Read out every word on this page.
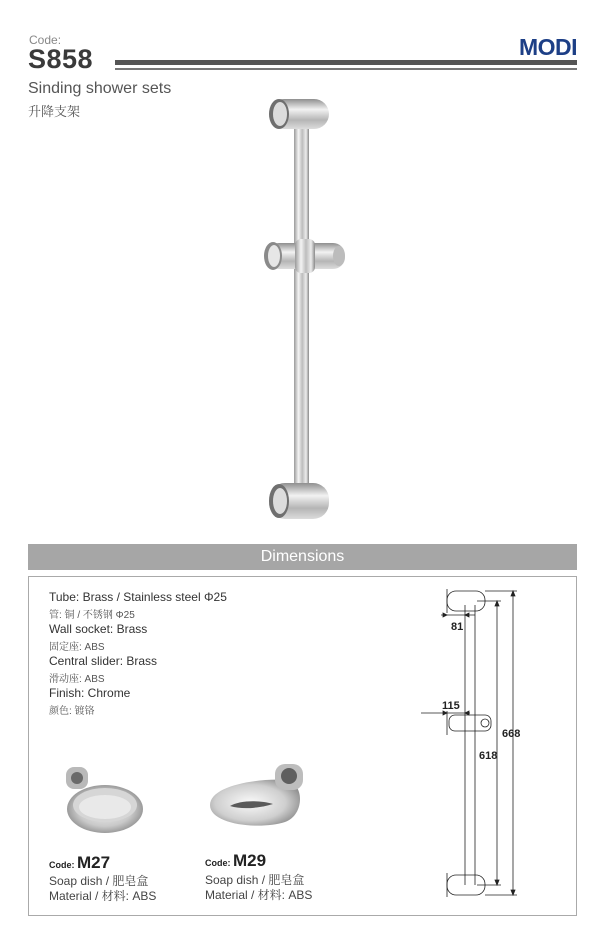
Code:
S858	MODI
Sinding shower sets
升降支架
Dimensions
Tube: Brass / Stainless steel Φ25
管: 铜 / 不锈钢 Φ25
Wall socket: Brass
固定座: ABS
Central slider: Brass
滑动座: ABS
Finish: Chrome
颜色: 镀铬
Code: M27
Soap dish / 肥皂盒
Material / 材料: ABS
Code: M29
Soap dish / 肥皂盒
Material / 材料: ABS
81
115
668
618
